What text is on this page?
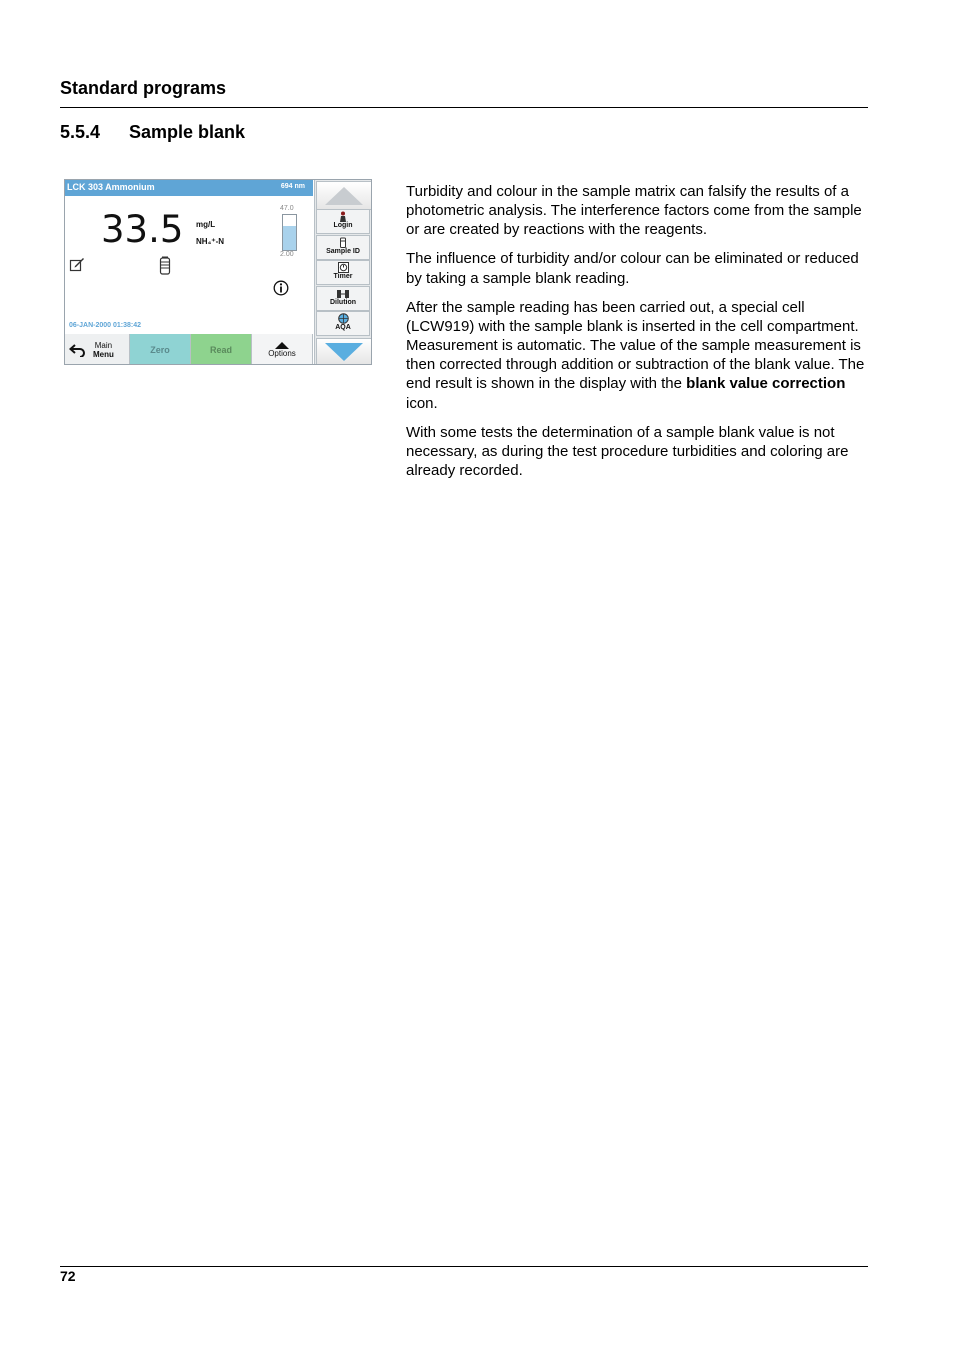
Standard programs
5.5.4 Sample blank
LCK 303 Ammonium	694 nm
33.5 mg/L
NH₄⁺-N
47.0
2.00
06-JAN-2000 01:38:42
Main
Menu	Zero	Read	Options
Login
Sample ID
Timer
Dilution
AQA

Turbidity and colour in the sample matrix can falsify the results of a photometric analysis. The interference factors come from the sample or are created by reactions with the reagents.

The influence of turbidity and/or colour can be eliminated or reduced by taking a sample blank reading.

After the sample reading has been carried out, a special cell (LCW919) with the sample blank is inserted in the cell compartment. Measurement is automatic. The value of the sample measurement is then corrected through addition or subtraction of the blank value. The end result is shown in the display with the blank value correction icon.

With some tests the determination of a sample blank value is not necessary, as during the test procedure turbidities and coloring are already recorded.

72
